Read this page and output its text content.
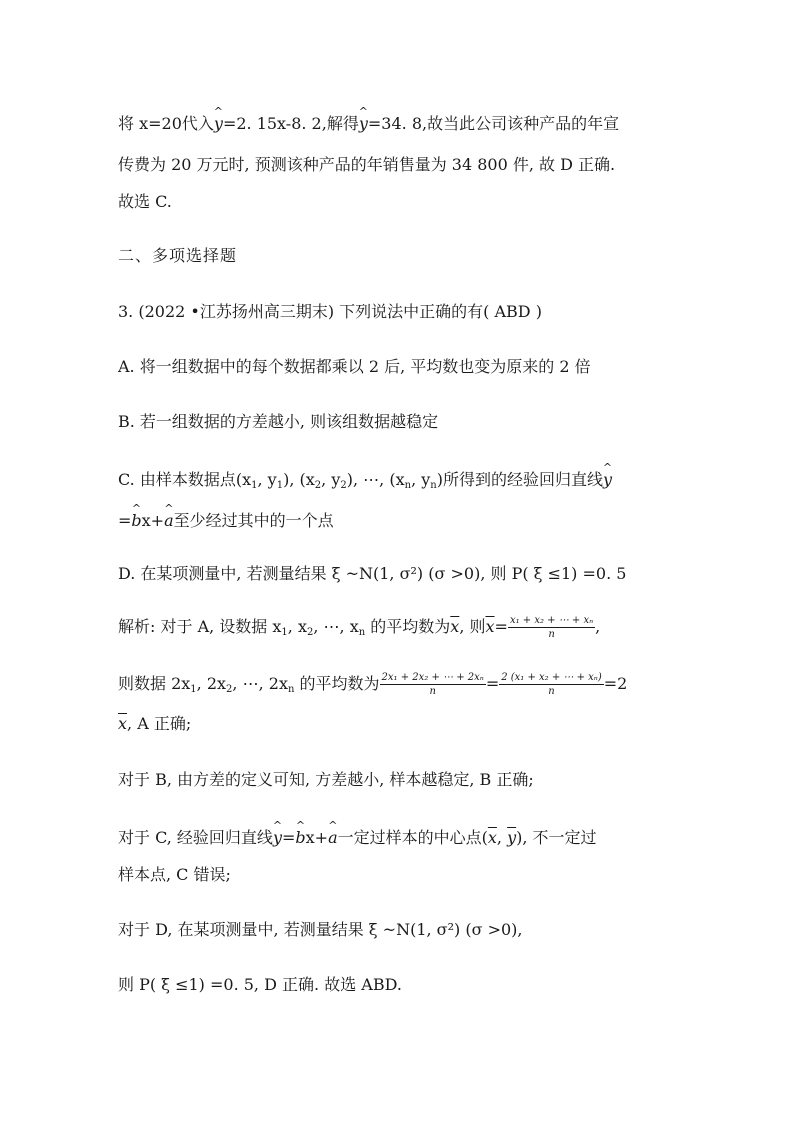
将 x=20代入^ y=2. 15x-8. 2,解得^ y=34. 8,故当此公司该种产品的年宣
传费为 20 万元时, 预测该种产品的年销售量为 34 800 件, 故 D 正确.
故选 C.
二、多项选择题
3. (2022 •江苏扬州高三期末) 下列说法中正确的有( ABD )
A. 将一组数据中的每个数据都乘以 2 后, 平均数也变为原来的 2 倍
B. 若一组数据的方差越小, 则该组数据越稳定
C. 由样本数据点($x_1$, $y_1$), ($x_2$, $y_2$), ⋯, ($x_n$, $y_n$)所得到的经验回归直线^ y
=^ bx+^ a至少经过其中的一个点
D. 在某项测量中, 若测量结果 ξ ~N(1, σ²) (σ >0), 则 P( ξ ≤1) =0. 5
解析: 对于 A, 设数据 $x_1$, $x_2$, ⋯, $x_n$ 的平均数为$\overline{x}$, 则$\overline{x}= \frac{\text{x₁ + x₂ + ⋯ + xₙ}}{n}$ ,
则数据 $2x_1$, $2x_2$, ⋯, $2x_n$ 的平均数为 $\frac{\text{2x₁ + 2x₂ + ⋯ + 2xₙ}}{n} = \frac{\text{2 (x₁ + x₂ + ⋯ + xₙ)}}{n} =2$
$\overline{x}$, A 正确;
对于 B, 由方差的定义可知, 方差越小, 样本越稳定, B 正确;
对于 C, 经验回归直线^ y=^ bx+^ a一定过样本的中心点($\overline{x}$, $\overline{y}$), 不一定过
样本点, C 错误;
对于 D, 在某项测量中, 若测量结果 ξ ~N(1, σ²) (σ >0),
则 P( ξ ≤1) =0. 5, D 正确. 故选 ABD.
